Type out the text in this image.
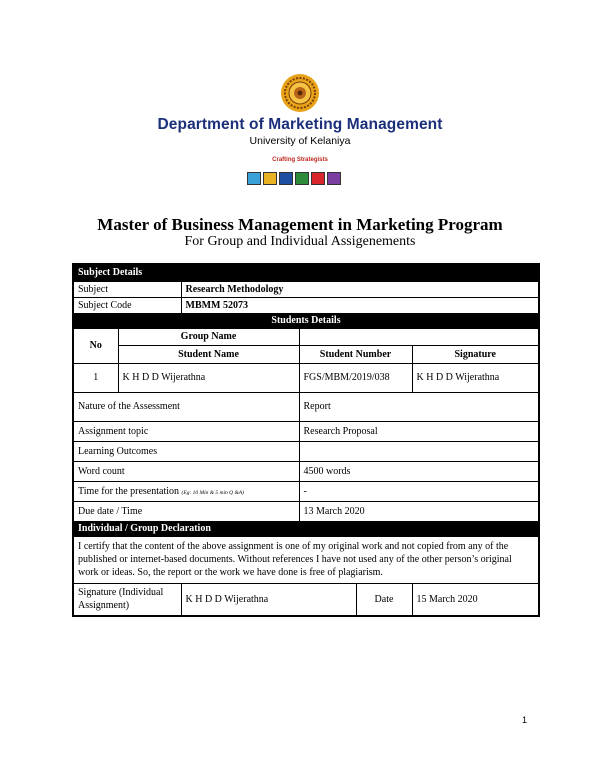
Department of Marketing Management
University of Kelaniya
Crafting Strategists
Master of Business Management in Marketing Program
For Group and Individual Assigenements
Subject Details					
Subject		Research Methodology			
Subject Code		MBMM 52073			
Students Details					
No	Group Name				
	Student Name		Student Number		Signature
1	K H D D Wijerathna		FGS/MBM/2019/038		K H D D Wijerathna
Nature of the Assessment			Report		
Assignment topic			Research Proposal		
Learning Outcomes					
Word count			4500 words		
Time for the presentation (Eg: 10 Min & 5 min Q &A)			-		
Due date / Time			13 March 2020		
Individual / Group Declaration					
I certify that the content of the above assignment is one of my original work and not copied from any of the published or internet-based documents. Without references I have not used any of the other person’s original work or ideas. So, the report or the work we have done is free of plagiarism.					
Signature (Individual Assignment)		K H D D Wijerathna		Date	15 March 2020
1
